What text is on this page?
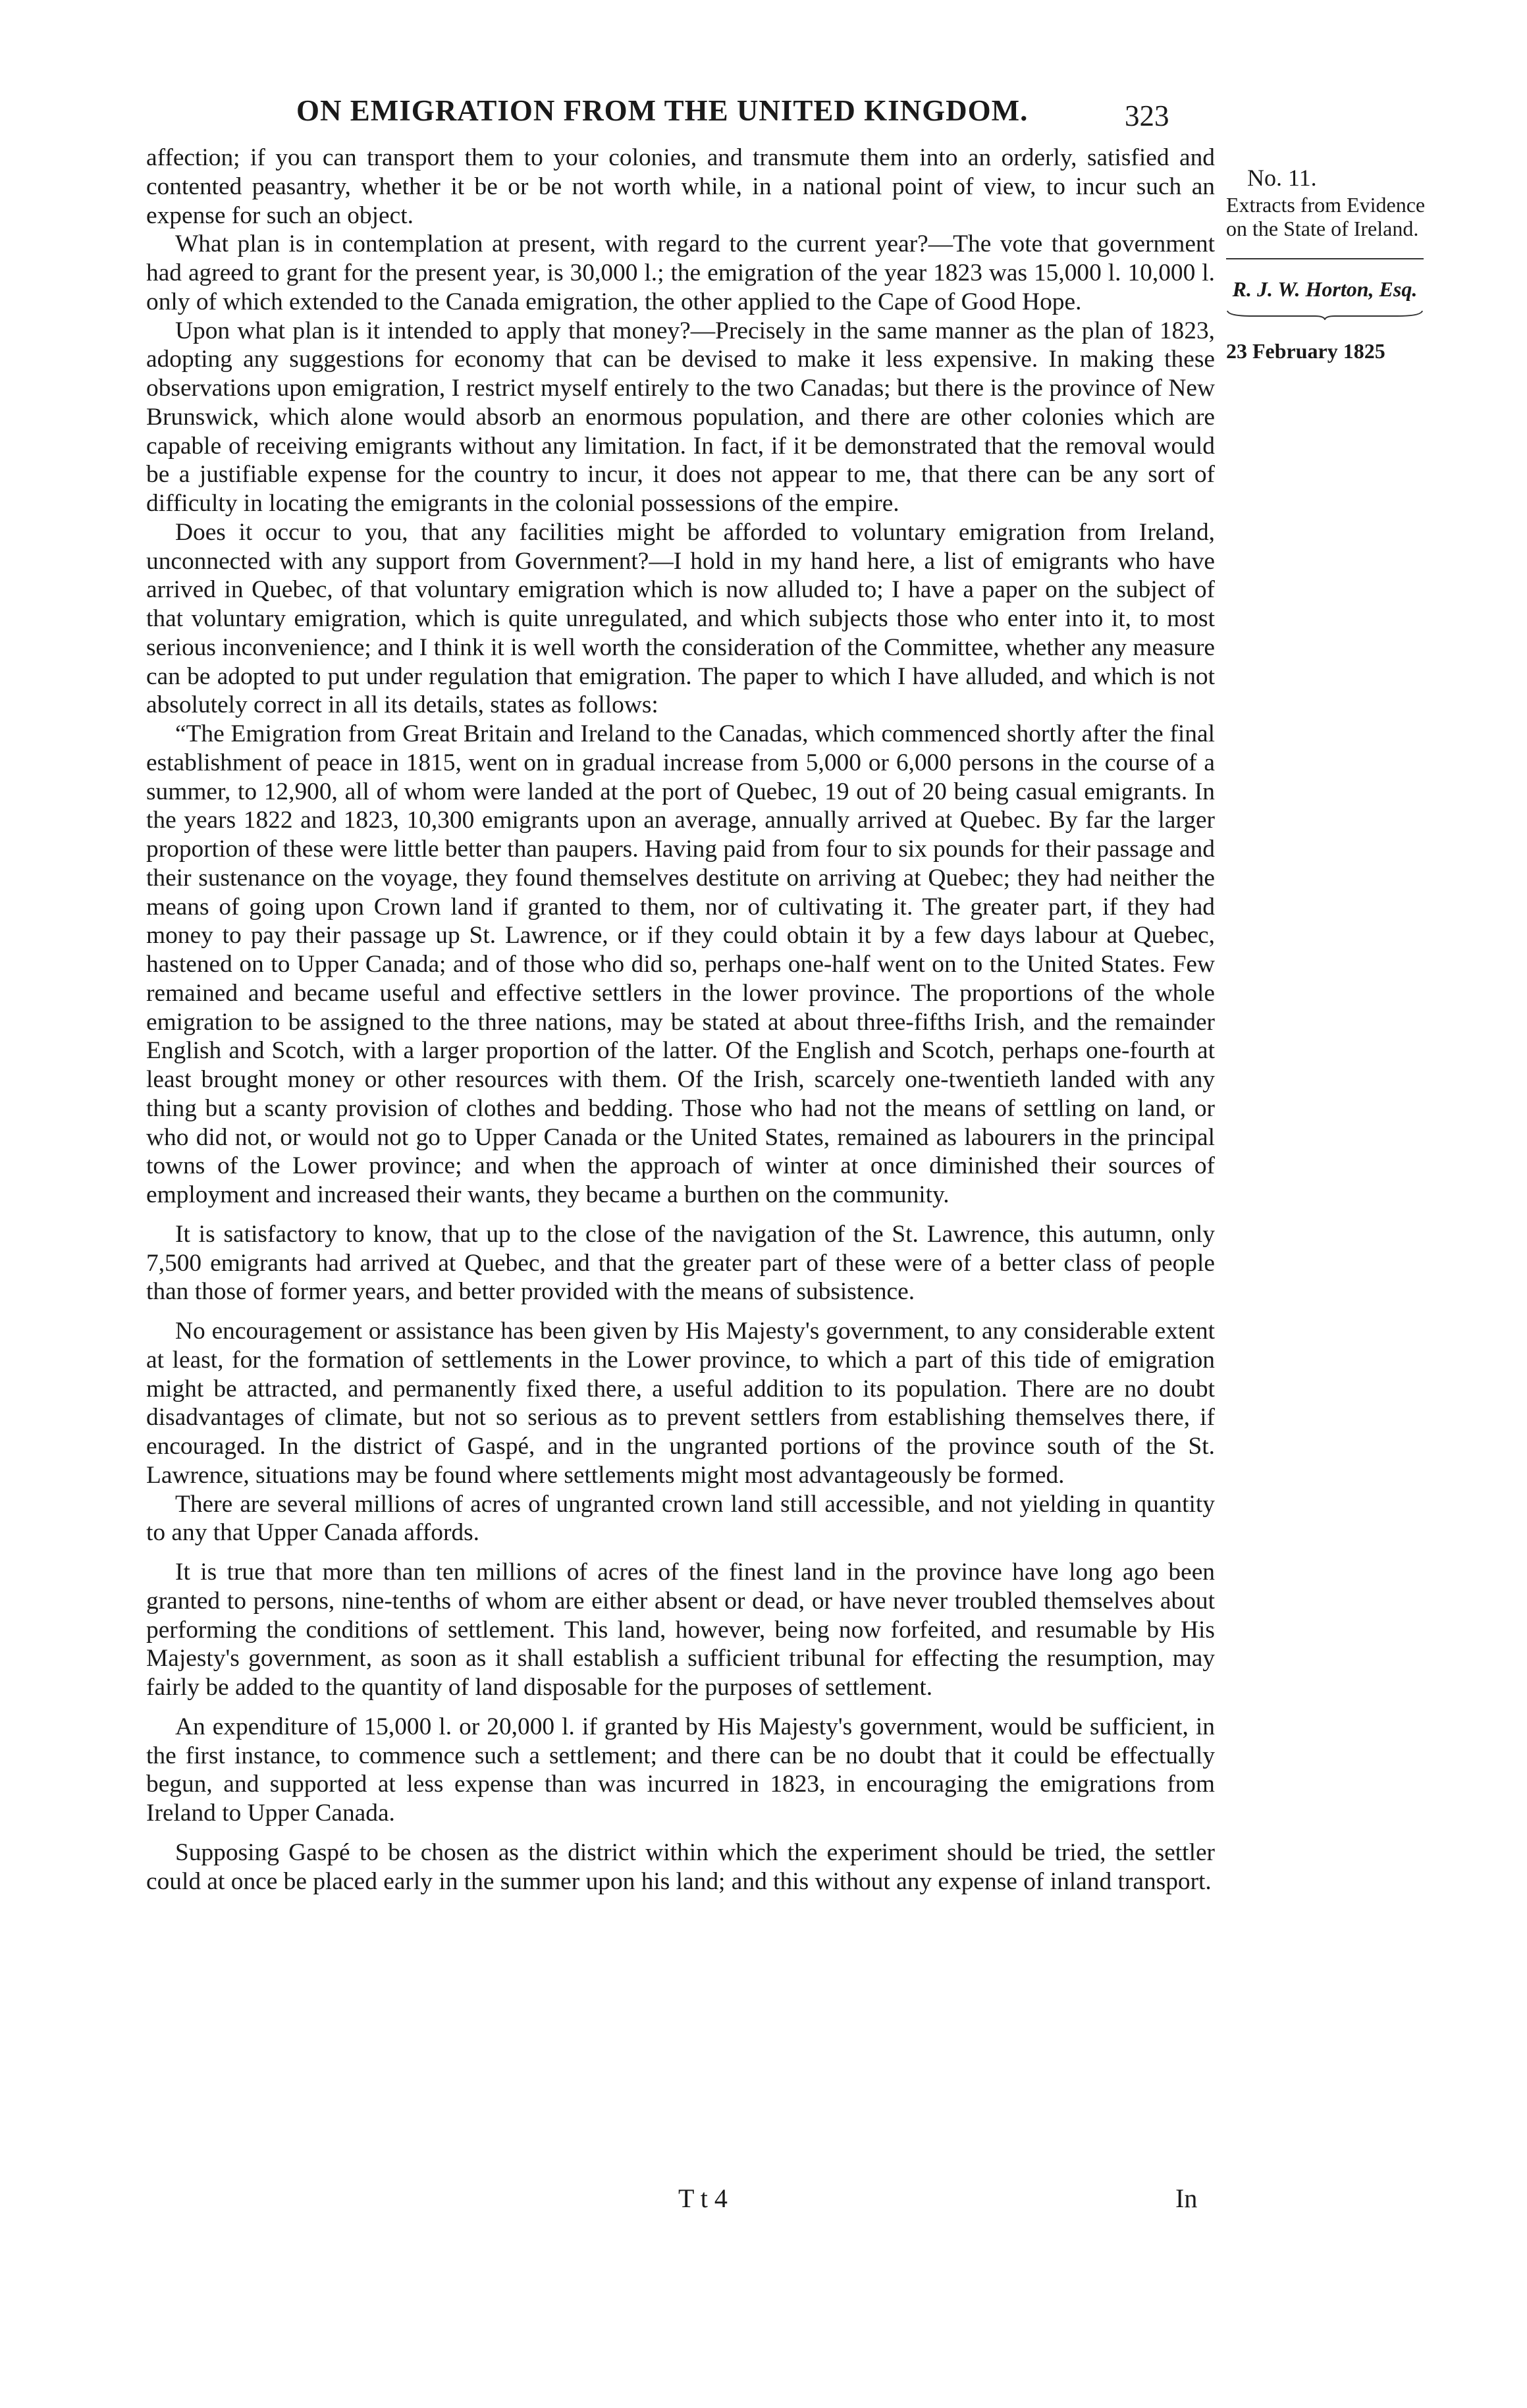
ON EMIGRATION FROM THE UNITED KINGDOM.	323
No. 11.
Extracts from Evidence on the State of Ireland.
R. J. W. Horton, Esq.
23 February 1825

affection; if you can transport them to your colonies, and transmute them into an orderly, satisfied and contented peasantry, whether it be or be not worth while, in a national point of view, to incur such an expense for such an object.

What plan is in contemplation at present, with regard to the current year?—The vote that government had agreed to grant for the present year, is 30,000 l.; the emigration of the year 1823 was 15,000 l. 10,000 l. only of which extended to the Canada emigration, the other applied to the Cape of Good Hope.

Upon what plan is it intended to apply that money?—Precisely in the same manner as the plan of 1823, adopting any suggestions for economy that can be devised to make it less expensive. In making these observations upon emigration, I restrict myself entirely to the two Canadas; but there is the province of New Brunswick, which alone would absorb an enormous population, and there are other colonies which are capable of receiving emigrants without any limitation. In fact, if it be demonstrated that the removal would be a justifiable expense for the country to incur, it does not appear to me, that there can be any sort of difficulty in locating the emigrants in the colonial possessions of the empire.

Does it occur to you, that any facilities might be afforded to voluntary emigration from Ireland, unconnected with any support from Government?—I hold in my hand here, a list of emigrants who have arrived in Quebec, of that voluntary emigration which is now alluded to; I have a paper on the subject of that voluntary emigration, which is quite unregulated, and which subjects those who enter into it, to most serious inconvenience; and I think it is well worth the consideration of the Committee, whether any measure can be adopted to put under regulation that emigration. The paper to which I have alluded, and which is not absolutely correct in all its details, states as follows:

“The Emigration from Great Britain and Ireland to the Canadas, which commenced shortly after the final establishment of peace in 1815, went on in gradual increase from 5,000 or 6,000 persons in the course of a summer, to 12,900, all of whom were landed at the port of Quebec, 19 out of 20 being casual emigrants. In the years 1822 and 1823, 10,300 emigrants upon an average, annually arrived at Quebec. By far the larger proportion of these were little better than paupers. Having paid from four to six pounds for their passage and their sustenance on the voyage, they found themselves destitute on arriving at Quebec; they had neither the means of going upon Crown land if granted to them, nor of cultivating it. The greater part, if they had money to pay their passage up St. Lawrence, or if they could obtain it by a few days labour at Quebec, hastened on to Upper Canada; and of those who did so, perhaps one-half went on to the United States. Few remained and became useful and effective settlers in the lower province. The proportions of the whole emigration to be assigned to the three nations, may be stated at about three-fifths Irish, and the remainder English and Scotch, with a larger proportion of the latter. Of the English and Scotch, perhaps one-fourth at least brought money or other resources with them. Of the Irish, scarcely one-twentieth landed with any thing but a scanty provision of clothes and bedding. Those who had not the means of settling on land, or who did not, or would not go to Upper Canada or the United States, remained as labourers in the principal towns of the Lower province; and when the approach of winter at once diminished their sources of employment and increased their wants, they became a burthen on the community.

It is satisfactory to know, that up to the close of the navigation of the St. Lawrence, this autumn, only 7,500 emigrants had arrived at Quebec, and that the greater part of these were of a better class of people than those of former years, and better provided with the means of subsistence.

No encouragement or assistance has been given by His Majesty's government, to any considerable extent at least, for the formation of settlements in the Lower province, to which a part of this tide of emigration might be attracted, and permanently fixed there, a useful addition to its population. There are no doubt disadvantages of climate, but not so serious as to prevent settlers from establishing themselves there, if encouraged. In the district of Gaspé, and in the ungranted portions of the province south of the St. Lawrence, situations may be found where settlements might most advantageously be formed.

There are several millions of acres of ungranted crown land still accessible, and not yielding in quantity to any that Upper Canada affords.

It is true that more than ten millions of acres of the finest land in the province have long ago been granted to persons, nine-tenths of whom are either absent or dead, or have never troubled themselves about performing the conditions of settlement. This land, however, being now forfeited, and resumable by His Majesty's government, as soon as it shall establish a sufficient tribunal for effecting the resumption, may fairly be added to the quantity of land disposable for the purposes of settlement.

An expenditure of 15,000 l. or 20,000 l. if granted by His Majesty's government, would be sufficient, in the first instance, to commence such a settlement; and there can be no doubt that it could be effectually begun, and supported at less expense than was incurred in 1823, in encouraging the emigrations from Ireland to Upper Canada.

Supposing Gaspé to be chosen as the district within which the experiment should be tried, the settler could at once be placed early in the summer upon his land; and this without any expense of inland transport.

T t 4	In
